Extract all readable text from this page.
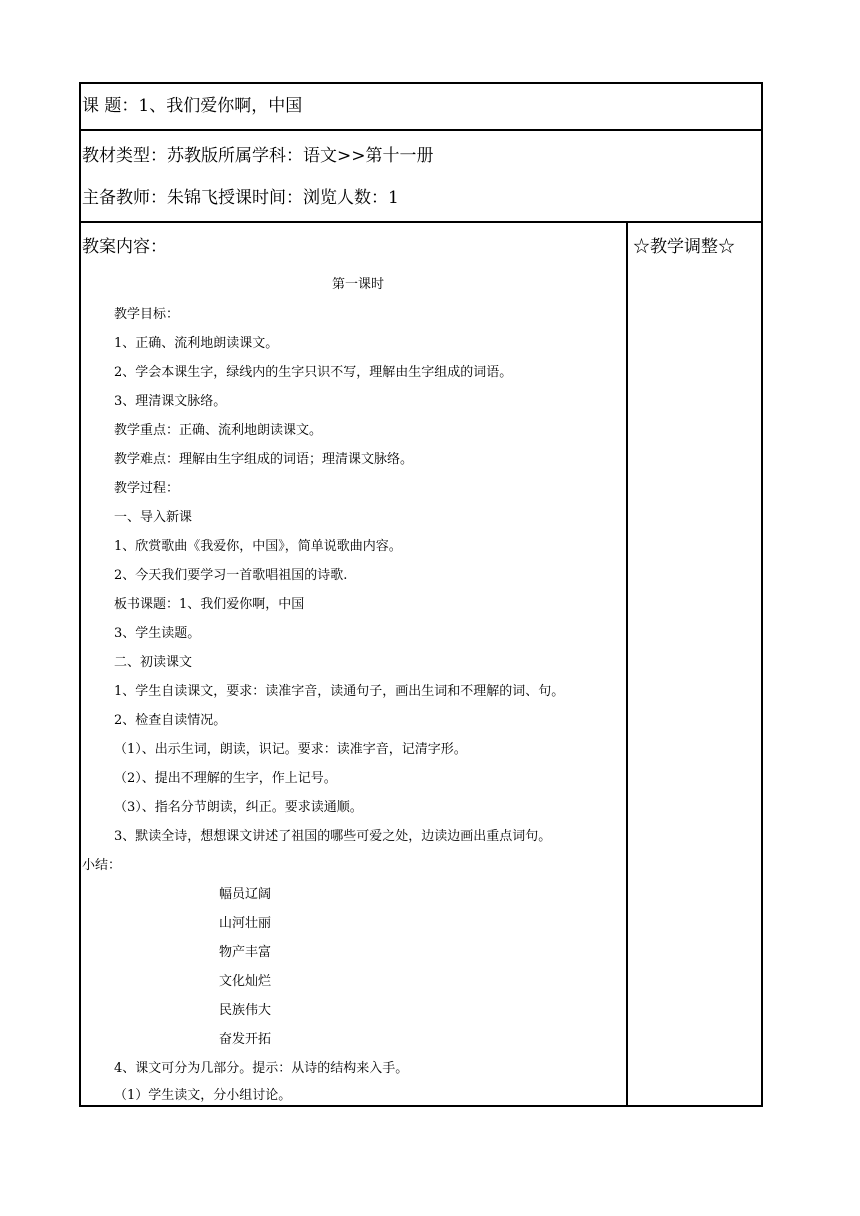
课 题：1、我们爱你啊，中国
教材类型：苏教版所属学科：语文>>第十一册
主备教师：朱锦飞授课时间：浏览人数：1
教案内容：	☆教学调整☆
第一课时
教学目标：
1、正确、流利地朗读课文。
2、学会本课生字，绿线内的生字只识不写，理解由生字组成的词语。
3、理清课文脉络。
教学重点：正确、流利地朗读课文。
教学难点：理解由生字组成的词语；理清课文脉络。
教学过程：
一、导入新课
1、欣赏歌曲《我爱你，中国》，简单说歌曲内容。
2、今天我们要学习一首歌唱祖国的诗歌.
板书课题：1、我们爱你啊，中国
3、学生读题。
二、初读课文
1、学生自读课文，要求：读准字音，读通句子，画出生词和不理解的词、句。
2、检查自读情况。
（1）、出示生词，朗读，识记。要求：读准字音，记清字形。
（2）、提出不理解的生字，作上记号。
（3）、指名分节朗读，纠正。要求读通顺。
3、默读全诗，想想课文讲述了祖国的哪些可爱之处，边读边画出重点词句。
小结：
幅员辽阔
山河壮丽
物产丰富
文化灿烂
民族伟大
奋发开拓
4、课文可分为几部分。提示：从诗的结构来入手。
（1）学生读文，分小组讨论。
